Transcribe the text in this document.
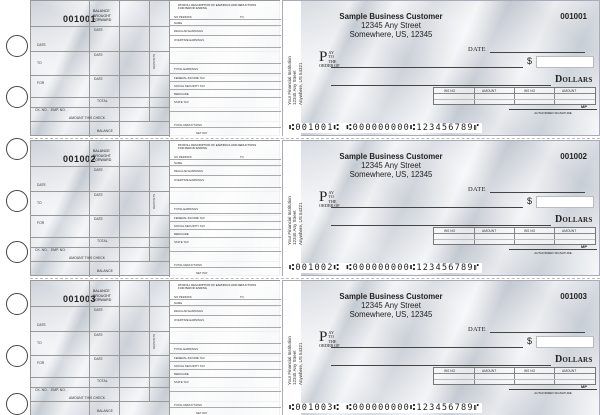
001001
BALANCE BROUGHT FORWARD
DATE
TO
FOR
DATE
DATE
DATE
TOTAL
CK. NO. EMP. NO.
AMOUNT THIS CHECK
BALANCE
DEPOSITS
PAYROLL DESCRIPTION OF EARNINGS AND DEDUCTIONS FOR PERIOD ENDING
NO PERIODS	TO
NAME
REGULAR EARNINGS
OVERTIME EARNINGS
TOTAL EARNINGS
FEDERAL INCOME TAX
SOCIAL SECURITY TAX
MEDICARE
STATE TAX
TOTAL DEDUCTIONS
NET PAY
Your Financial Institution 12345 Any Street Anywhere, US 54321
Sample Business Customer
12345 Any Street
Somewhere, US, 12345
001001
DATE
P AY
TO THE
ORDER OF	$
Dollars
WS NO	AMOUNT	WS NO	AMOUNT
MP
AUTHORIZED SIGNATURE
⑆001001⑆ ⑆000000000⑆123456789⑈
001002
BALANCE BROUGHT FORWARD
DATE
TO
FOR
DATE
DATE
DATE
TOTAL
CK. NO. EMP. NO.
AMOUNT THIS CHECK
BALANCE
DEPOSITS
PAYROLL DESCRIPTION OF EARNINGS AND DEDUCTIONS FOR PERIOD ENDING
NO PERIODS	TO
NAME
REGULAR EARNINGS
OVERTIME EARNINGS
TOTAL EARNINGS
FEDERAL INCOME TAX
SOCIAL SECURITY TAX
MEDICARE
STATE TAX
TOTAL DEDUCTIONS
NET PAY
Your Financial Institution 12345 Any Street Anywhere, US 54321
Sample Business Customer
12345 Any Street
Somewhere, US, 12345
001002
DATE
P AY
TO THE
ORDER OF	$
Dollars
WS NO	AMOUNT	WS NO	AMOUNT
MP
AUTHORIZED SIGNATURE
⑆001002⑆ ⑆000000000⑆123456789⑈
001003
BALANCE BROUGHT FORWARD
DATE
TO
FOR
DATE
DATE
DATE
TOTAL
CK. NO. EMP. NO.
AMOUNT THIS CHECK
BALANCE
DEPOSITS
PAYROLL DESCRIPTION OF EARNINGS AND DEDUCTIONS FOR PERIOD ENDING
NO PERIODS	TO
NAME
REGULAR EARNINGS
OVERTIME EARNINGS
TOTAL EARNINGS
FEDERAL INCOME TAX
SOCIAL SECURITY TAX
MEDICARE
STATE TAX
TOTAL DEDUCTIONS
NET PAY
Your Financial Institution 12345 Any Street Anywhere, US 54321
Sample Business Customer
12345 Any Street
Somewhere, US, 12345
001003
DATE
P AY
TO THE
ORDER OF	$
Dollars
WS NO	AMOUNT	WS NO	AMOUNT
MP
AUTHORIZED SIGNATURE
⑆001003⑆ ⑆000000000⑆123456789⑈
